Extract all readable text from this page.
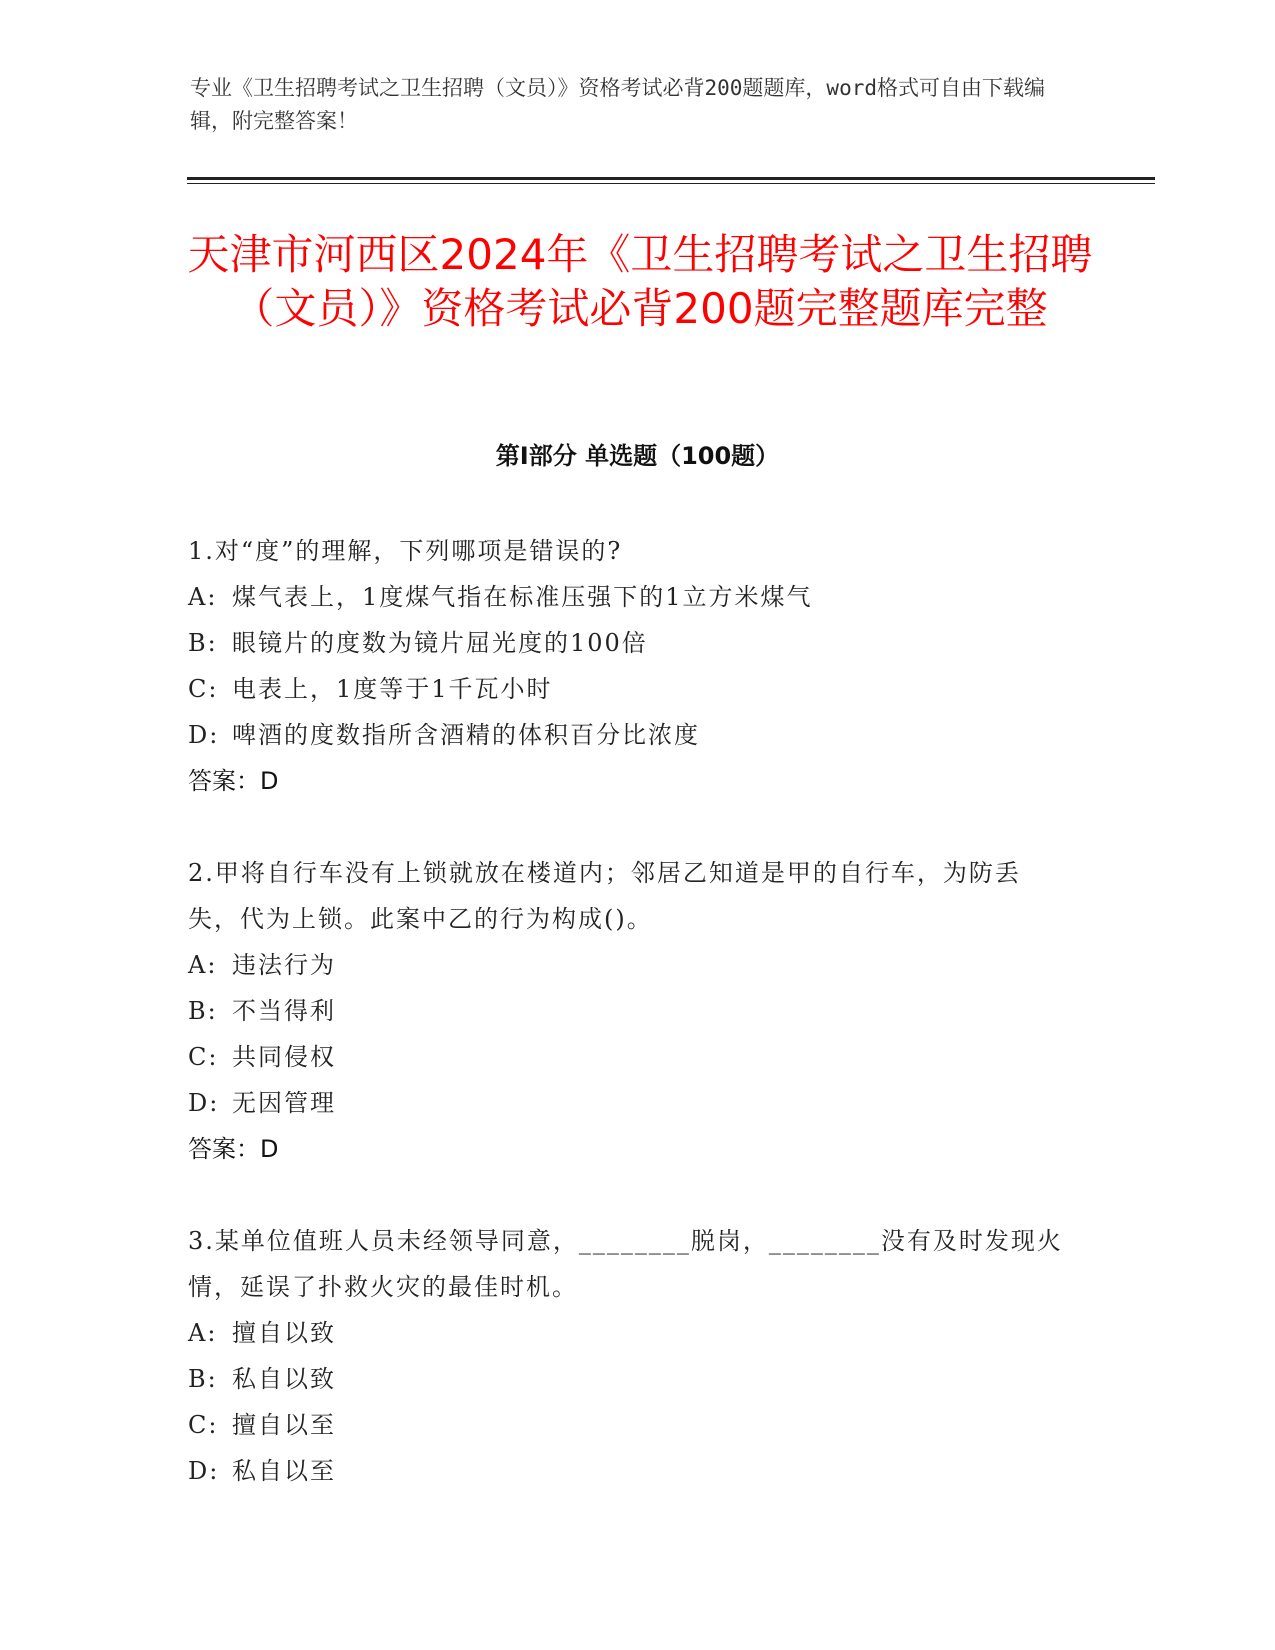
专业《卫生招聘考试之卫生招聘（文员）》资格考试必背200题题库，word格式可自由下载编辑，附完整答案！
天津市河西区2024年《卫生招聘考试之卫生招聘（文员）》资格考试必背200题完整题库完整
第Ⅰ部分 单选题（100题）

1.对“度”的理解，下列哪项是错误的?

A: 煤气表上，1度煤气指在标准压强下的1立方米煤气

B: 眼镜片的度数为镜片屈光度的100倍

C: 电表上，1度等于1千瓦小时

D: 啤酒的度数指所含酒精的体积百分比浓度

答案：D

2.甲将自行车没有上锁就放在楼道内；邻居乙知道是甲的自行车，为防丢失，代为上锁。此案中乙的行为构成()。

A: 违法行为

B: 不当得利

C: 共同侵权

D: 无因管理

答案：D

3.某单位值班人员未经领导同意，________脱岗，________没有及时发现火情，延误了扑救火灾的最佳时机。

A: 擅自以致

B: 私自以致

C: 擅自以至

D: 私自以至
